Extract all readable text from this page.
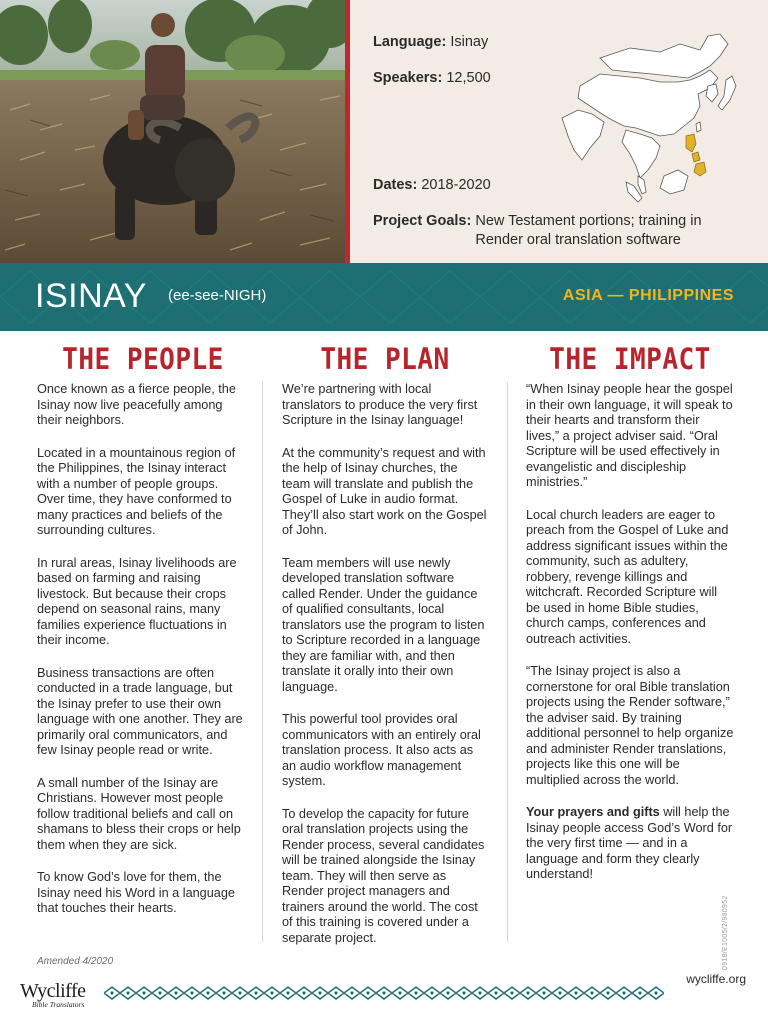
Language: Isinay
Speakers: 12,500
Dates: 2018-2020
Project Goals: New Testament portions; training in Render oral translation software
ISINAY (ee-see-NIGH)	ASIA — PHILIPPINES
THE PEOPLE

Once known as a fierce people, the Isinay now live peacefully among their neighbors.

Located in a mountainous region of the Philippines, the Isinay interact with a number of people groups. Over time, they have conformed to many practices and beliefs of the surrounding cultures.

In rural areas, Isinay livelihoods are based on farming and raising livestock. But because their crops depend on seasonal rains, many families experience fluctuations in their income.

Business transactions are often conducted in a trade language, but the Isinay prefer to use their own language with one another. They are primarily oral communicators, and few Isinay people read or write.

A small number of the Isinay are Christians. However most people follow traditional beliefs and call on shamans to bless their crops or help them when they are sick.

To know God’s love for them, the Isinay need his Word in a language that touches their hearts.

THE PLAN

We’re partnering with local translators to produce the very first Scripture in the Isinay language!

At the community’s request and with the help of Isinay churches, the team will translate and publish the Gospel of Luke in audio format. They’ll also start work on the Gospel of John.

Team members will use newly developed translation software called Render. Under the guidance of qualified consultants, local translators use the program to listen to Scripture recorded in a language they are familiar with, and then translate it orally into their own language.

This powerful tool provides oral communicators with an entirely oral translation process. It also acts as an audio workflow management system.

To develop the capacity for future oral translation projects using the Render process, several candidates will be trained alongside the Isinay team. They will then serve as Render project managers and trainers around the world. The cost of this training is covered under a separate project.

THE IMPACT

“When Isinay people hear the gospel in their own language, it will speak to their hearts and transform their lives,” a project adviser said. “Oral Scripture will be used effectively in evangelistic and discipleship ministries.”

Local church leaders are eager to preach from the Gospel of Luke and address significant issues within the community, such as adultery, robbery, revenge killings and witchcraft. Recorded Scripture will be used in home Bible studies, church camps, conferences and outreach activities.

“The Isinay project is also a cornerstone for oral Bible translation projects using the Render software,” the adviser said. By training additional personnel to help organize and administer Render translations, projects like this one will be multiplied across the world.

Your prayers and gifts will help the Isinay people access God’s Word for the very first time — and in a language and form they clearly understand!

Amended 4/2020	0918/E1005/2/980952
Wycliffe
Bible Translators
wycliffe.org
